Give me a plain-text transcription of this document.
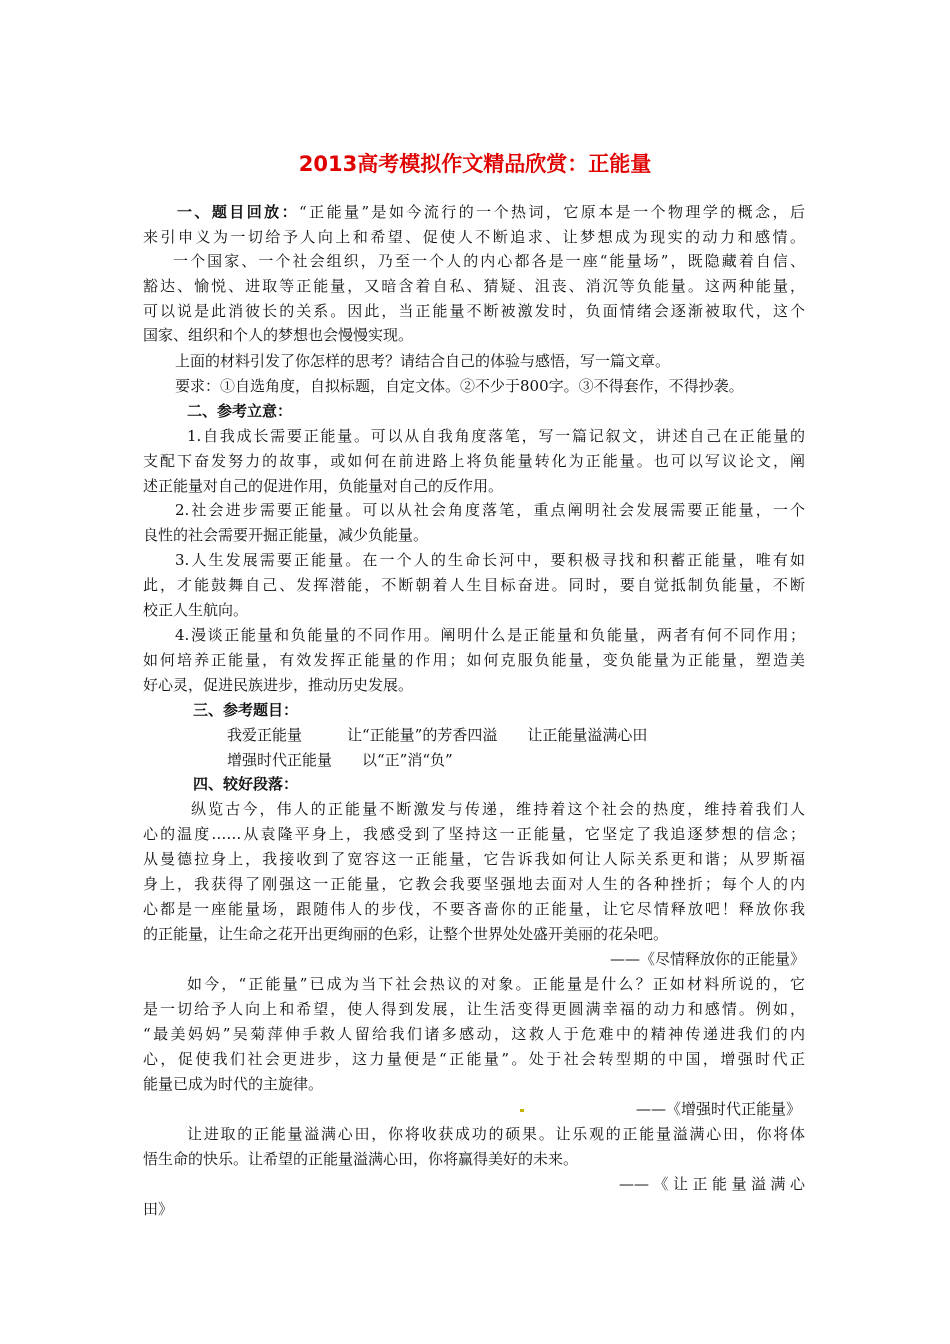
2013高考模拟作文精品欣赏：正能量
一、题目回放：“正能量”是如今流行的一个热词，它原本是一个物理学的概念，后
来引申义为一切给予人向上和希望、促使人不断追求、让梦想成为现实的动力和感情。
一个国家、一个社会组织，乃至一个人的内心都各是一座“能量场”，既隐藏着自信、
豁达、愉悦、进取等正能量，又暗含着自私、猜疑、沮丧、消沉等负能量。这两种能量，
可以说是此消彼长的关系。因此，当正能量不断被激发时，负面情绪会逐渐被取代，这个
国家、组织和个人的梦想也会慢慢实现。
上面的材料引发了你怎样的思考？请结合自己的体验与感悟，写一篇文章。
要求：①自选角度，自拟标题，自定文体。②不少于800字。③不得套作，不得抄袭。
二、参考立意：
1.自我成长需要正能量。可以从自我角度落笔，写一篇记叙文，讲述自己在正能量的
支配下奋发努力的故事，或如何在前进路上将负能量转化为正能量。也可以写议论文，阐
述正能量对自己的促进作用，负能量对自己的反作用。
2.社会进步需要正能量。可以从社会角度落笔，重点阐明社会发展需要正能量，一个
良性的社会需要开掘正能量，减少负能量。
3.人生发展需要正能量。在一个人的生命长河中，要积极寻找和积蓄正能量，唯有如
此，才能鼓舞自己、发挥潜能，不断朝着人生目标奋进。同时，要自觉抵制负能量，不断
校正人生航向。
4.漫谈正能量和负能量的不同作用。阐明什么是正能量和负能量，两者有何不同作用；
如何培养正能量，有效发挥正能量的作用；如何克服负能量，变负能量为正能量，塑造美
好心灵，促进民族进步，推动历史发展。
三、参考题目：
我爱正能量　　　让“正能量”的芳香四溢　　让正能量溢满心田
增强时代正能量　　以“正”消“负”
四、较好段落：
纵览古今，伟人的正能量不断激发与传递，维持着这个社会的热度，维持着我们人
心的温度……从袁隆平身上，我感受到了坚持这一正能量，它坚定了我追逐梦想的信念；
从曼德拉身上，我接收到了宽容这一正能量，它告诉我如何让人际关系更和谐；从罗斯福
身上，我获得了刚强这一正能量，它教会我要坚强地去面对人生的各种挫折；每个人的内
心都是一座能量场，跟随伟人的步伐，不要吝啬你的正能量，让它尽情释放吧！释放你我
的正能量，让生命之花开出更绚丽的色彩，让整个世界处处盛开美丽的花朵吧。
——《尽情释放你的正能量》
如今，“正能量”已成为当下社会热议的对象。正能量是什么？正如材料所说的，它
是一切给予人向上和希望，使人得到发展，让生活变得更圆满幸福的动力和感情。例如，
“最美妈妈”吴菊萍伸手救人留给我们诸多感动，这救人于危难中的精神传递进我们的内
心，促使我们社会更进步，这力量便是“正能量”。处于社会转型期的中国，增强时代正
能量已成为时代的主旋律。
——《增强时代正能量》
让进取的正能量溢满心田，你将收获成功的硕果。让乐观的正能量溢满心田，你将体
悟生命的快乐。让希望的正能量溢满心田，你将赢得美好的未来。
——《让正能量溢满心
田》
